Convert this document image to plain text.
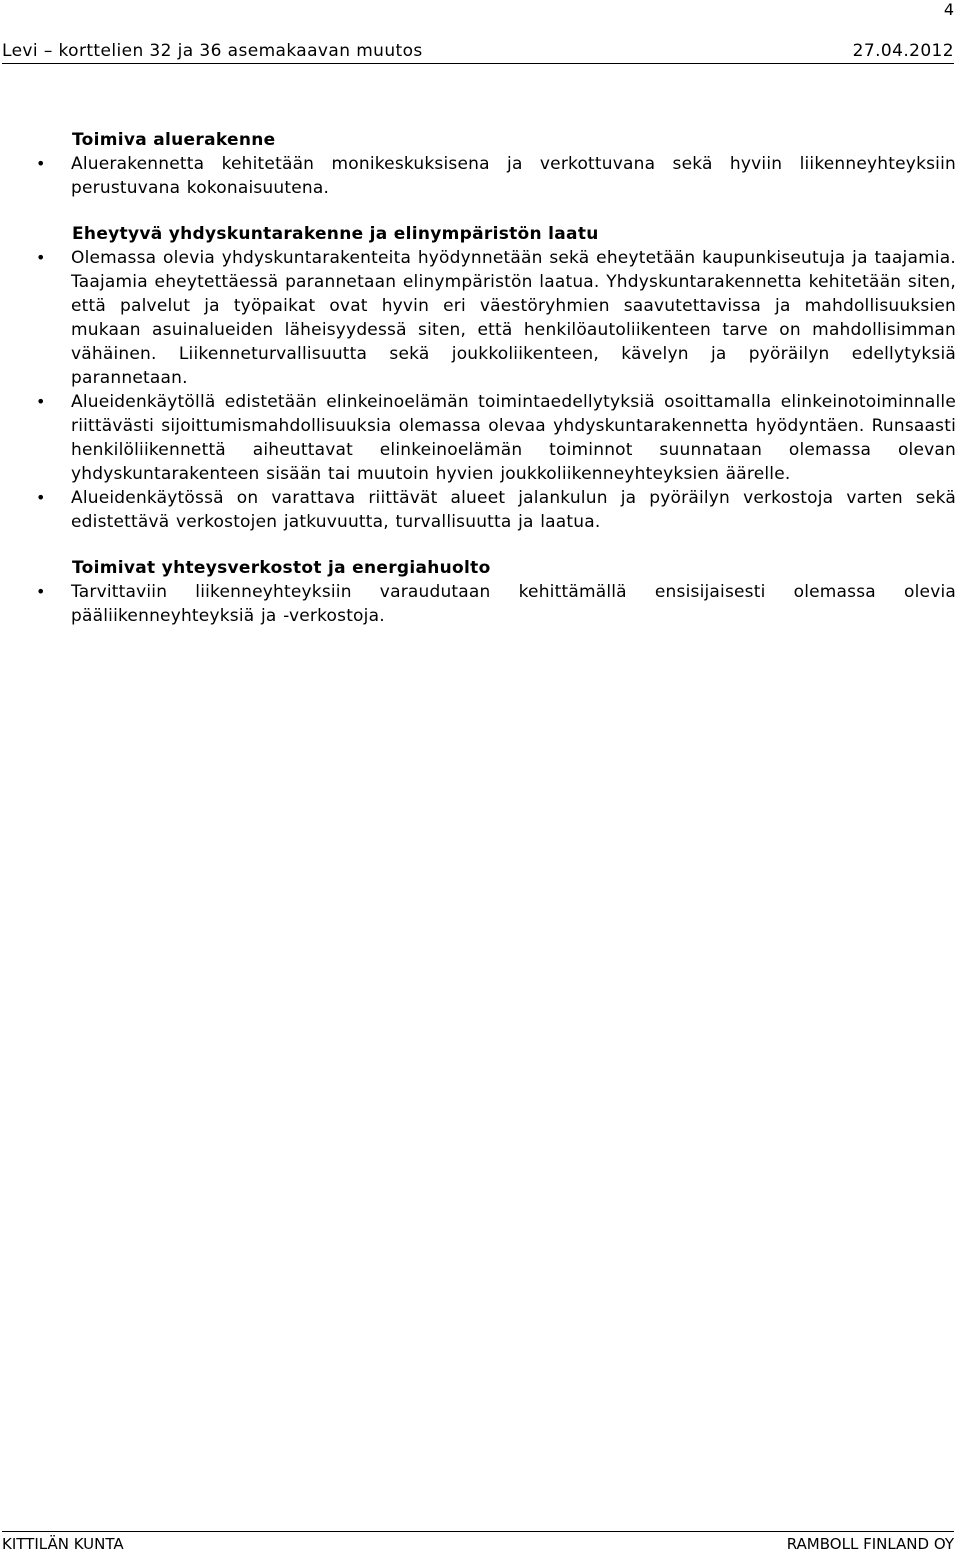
4
Levi – korttelien 32 ja 36 asemakaavan muutos	27.04.2012
Toimiva aluerakenne
• Aluerakennetta kehitetään monikeskuksisena ja verkottuvana sekä hyviin liikenneyhteyksiin perustuvana kokonaisuutena.
Eheytyvä yhdyskuntarakenne ja elinympäristön laatu
• Olemassa olevia yhdyskuntarakenteita hyödynnetään sekä eheytetään kaupunkiseutuja ja taajamia. Taajamia eheytettäessä parannetaan elinympäristön laatua. Yhdyskuntarakennetta kehitetään siten, että palvelut ja työpaikat ovat hyvin eri väestöryhmien saavutettavissa ja mahdollisuuksien mukaan asuinalueiden läheisyydessä siten, että henkilöautoliikenteen tarve on mahdollisimman vähäinen. Liikenneturvallisuutta sekä joukkoliikenteen, kävelyn ja pyöräilyn edellytyksiä parannetaan.
• Alueidenkäytöllä edistetään elinkeinoelämän toimintaedellytyksiä osoittamalla elinkeinotoiminnalle riittävästi sijoittumismahdollisuuksia olemassa olevaa yhdyskuntarakennetta hyödyntäen. Runsaasti henkilöliikennettä aiheuttavat elinkeinoelämän toiminnot suunnataan olemassa olevan yhdyskuntarakenteen sisään tai muutoin hyvien joukkoliikenneyhteyksien äärelle.
• Alueidenkäytössä on varattava riittävät alueet jalankulun ja pyöräilyn verkostoja varten sekä edistettävä verkostojen jatkuvuutta, turvallisuutta ja laatua.
Toimivat yhteysverkostot ja energiahuolto
• Tarvittaviin liikenneyhteyksiin varaudutaan kehittämällä ensisijaisesti olemassa olevia pääliikenneyhteyksiä ja -verkostoja.
KITTILÄN KUNTA	RAMBOLL FINLAND OY
